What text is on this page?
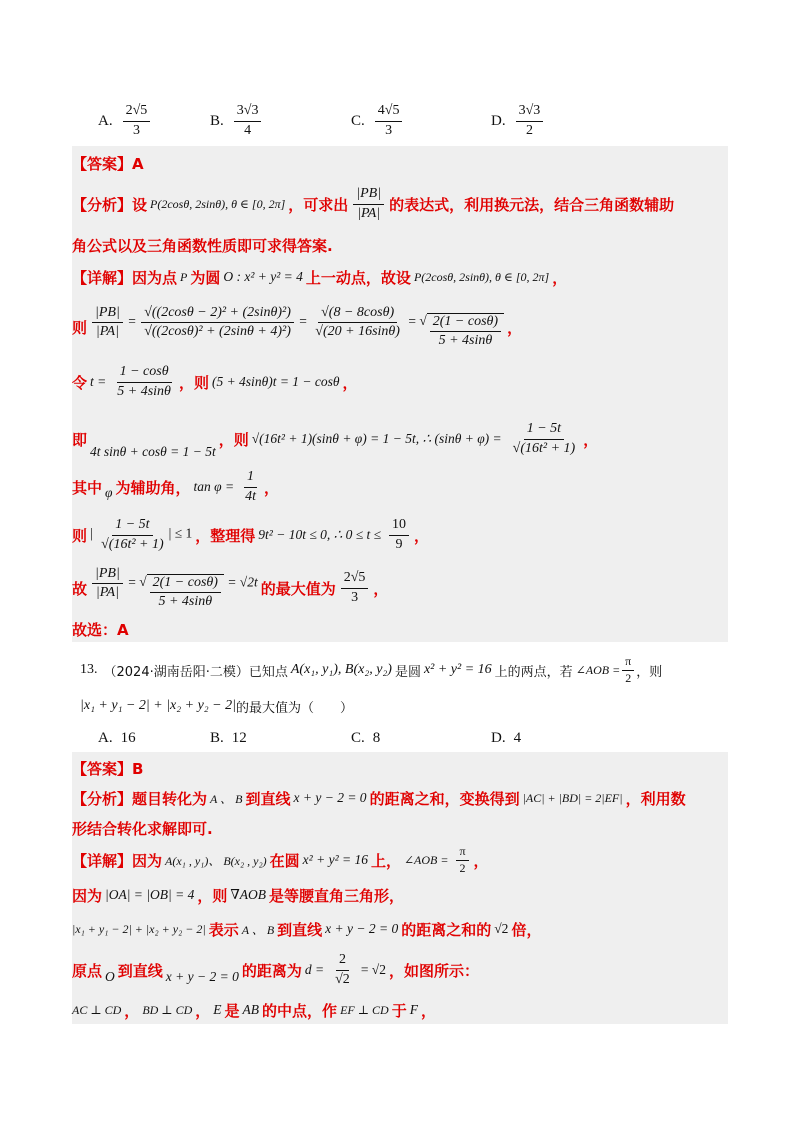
A. $\frac{2√5}{3}$	B. $\frac{3√3}{4}$	C. $\frac{4√5}{3}$	D. $\frac{3√3}{2}$
【答案】A
【分析】设 P(2cosθ, 2sinθ), θ ∈ [0, 2π] ，可求出 $\frac{|PB|}{|PA|}$ 的表达式，利用换元法，结合三角函数辅助
角公式以及三角函数性质即可求得答案.
【详解】因为点 P 为圆 O : x² + y² = 4 上一动点，故设 P(2cosθ, 2sinθ), θ ∈ [0, 2π] ，
则 $\frac{|PB|}{|PA|} = \frac{\text{√((2cosθ − 2)² + (2sinθ)²)}}{\text{√((2cosθ)² + (2sinθ + 4)²)}} = \frac{√(8 - 8\cos\theta)}{√(20 + 16\sin\theta)}$ = √ $\frac{2(1 - \cos\theta)}{5 + 4\sin\theta}$ ，
令 $t = \frac{1 - \cos\theta}{5 + 4\sin\theta}$ ，则 (5 + 4sinθ)t = 1 − cosθ ，
即
4t sinθ + cosθ = 1 − 5t
，则 √(16t² + 1)(sinθ + φ) = 1 − 5t, ∴ $(\sin\theta + \varphi) = \frac{1 - 5t}{\text{√(16t² + 1)}}$ ，
其中 φ 为辅助角， $\tan \varphi = \frac{1}{4t}$ ，
则 | $\frac{1 - 5t}{\text{√(16t² + 1)}}$ | ≤ 1 ，整理得 9t² − 10t ≤ 0, ∴ $0 \le t \le \frac{10}{9}$ ，
故 $\frac{|PB|}{|PA|}$ = √ $\frac{2(1 - \cos\theta)}{5 + 4\sin\theta} = √2t$ 的最大值为 $\frac{2√5}{3}$ ，
故选：A
13. （2024·湖南岳阳·二模）已知点 A(x₁, y₁), B(x₂, y₂) 是圆 x² + y² = 16 上的两点，若 ∠AOB = $\frac{\pi}{2}$ ，则
|x₁ + y₁ − 2| + |x₂ + y₂ − 2| 的最大值为（　　）
A. 16	B. 12	C. 8	D. 4
【答案】B
【分析】题目转化为 A 、 B 到直线 x + y − 2 = 0 的距离之和，变换得到 |AC| + |BD| = 2|EF| ，利用数
形结合转化求解即可.
【详解】因为 A(x₁ , y₁)、 B(x₂ , y₂) 在圆 x² + y² = 16 上， ∠AOB = $\frac{\pi}{2}$ ，
因为 |OA| = |OB| = 4 ，则 ∇AOB 是等腰直角三角形，
|x₁ + y₁ − 2| + |x₂ + y₂ − 2| 表示 A 、 B 到直线 x + y − 2 = 0 的距离之和的 √2 倍，
原点 O 到直线 x + y − 2 = 0 的距离为 $d = \frac{2}{√2} = √2$ ，如图所示：
AC ⊥ CD ， BD ⊥ CD ， E 是 AB 的中点，作 EF ⊥ CD 于 F ，
